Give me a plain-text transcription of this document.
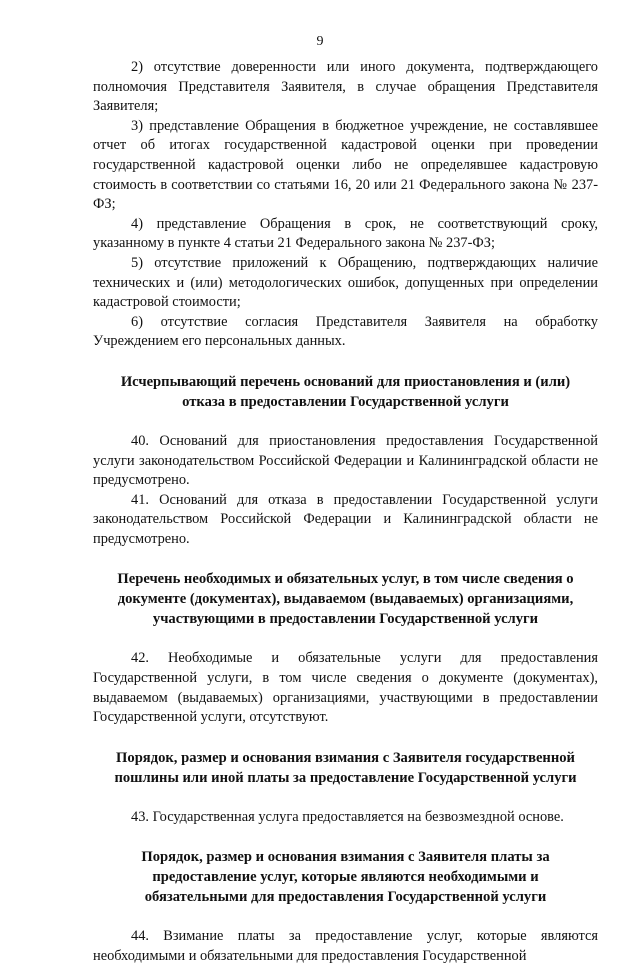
9

2) отсутствие доверенности или иного документа, подтверждающего полномочия Представителя Заявителя, в случае обращения Представителя Заявителя;

3) представление Обращения в бюджетное учреждение, не составлявшее отчет об итогах государственной кадастровой оценки при проведении государственной кадастровой оценки либо не определявшее кадастровую стоимость в соответствии со статьями 16, 20 или 21 Федерального закона № 237-ФЗ;

4) представление Обращения в срок, не соответствующий сроку, указанному в пункте 4 статьи 21 Федерального закона № 237-ФЗ;

5) отсутствие приложений к Обращению, подтверждающих наличие технических и (или) методологических ошибок, допущенных при определении кадастровой стоимости;

6) отсутствие согласия Представителя Заявителя на обработку Учреждением его персональных данных.

Исчерпывающий перечень оснований для приостановления и (или) отказа в предоставлении Государственной услуги

40. Оснований для приостановления предоставления Государственной услуги законодательством Российской Федерации и Калининградской области не предусмотрено.

41. Оснований для отказа в предоставлении Государственной услуги законодательством Российской Федерации и Калининградской области не предусмотрено.

Перечень необходимых и обязательных услуг, в том числе сведения о документе (документах), выдаваемом (выдаваемых) организациями, участвующими в предоставлении Государственной услуги

42. Необходимые и обязательные услуги для предоставления Государственной услуги, в том числе сведения о документе (документах), выдаваемом (выдаваемых) организациями, участвующими в предоставлении Государственной услуги, отсутствуют.

Порядок, размер и основания взимания с Заявителя государственной пошлины или иной платы за предоставление Государственной услуги

43. Государственная услуга предоставляется на безвозмездной основе.

Порядок, размер и основания взимания с Заявителя платы за предоставление услуг, которые являются необходимыми и обязательными для предоставления Государственной услуги

44. Взимание платы за предоставление услуг, которые являются необходимыми и обязательными для предоставления Государственной
